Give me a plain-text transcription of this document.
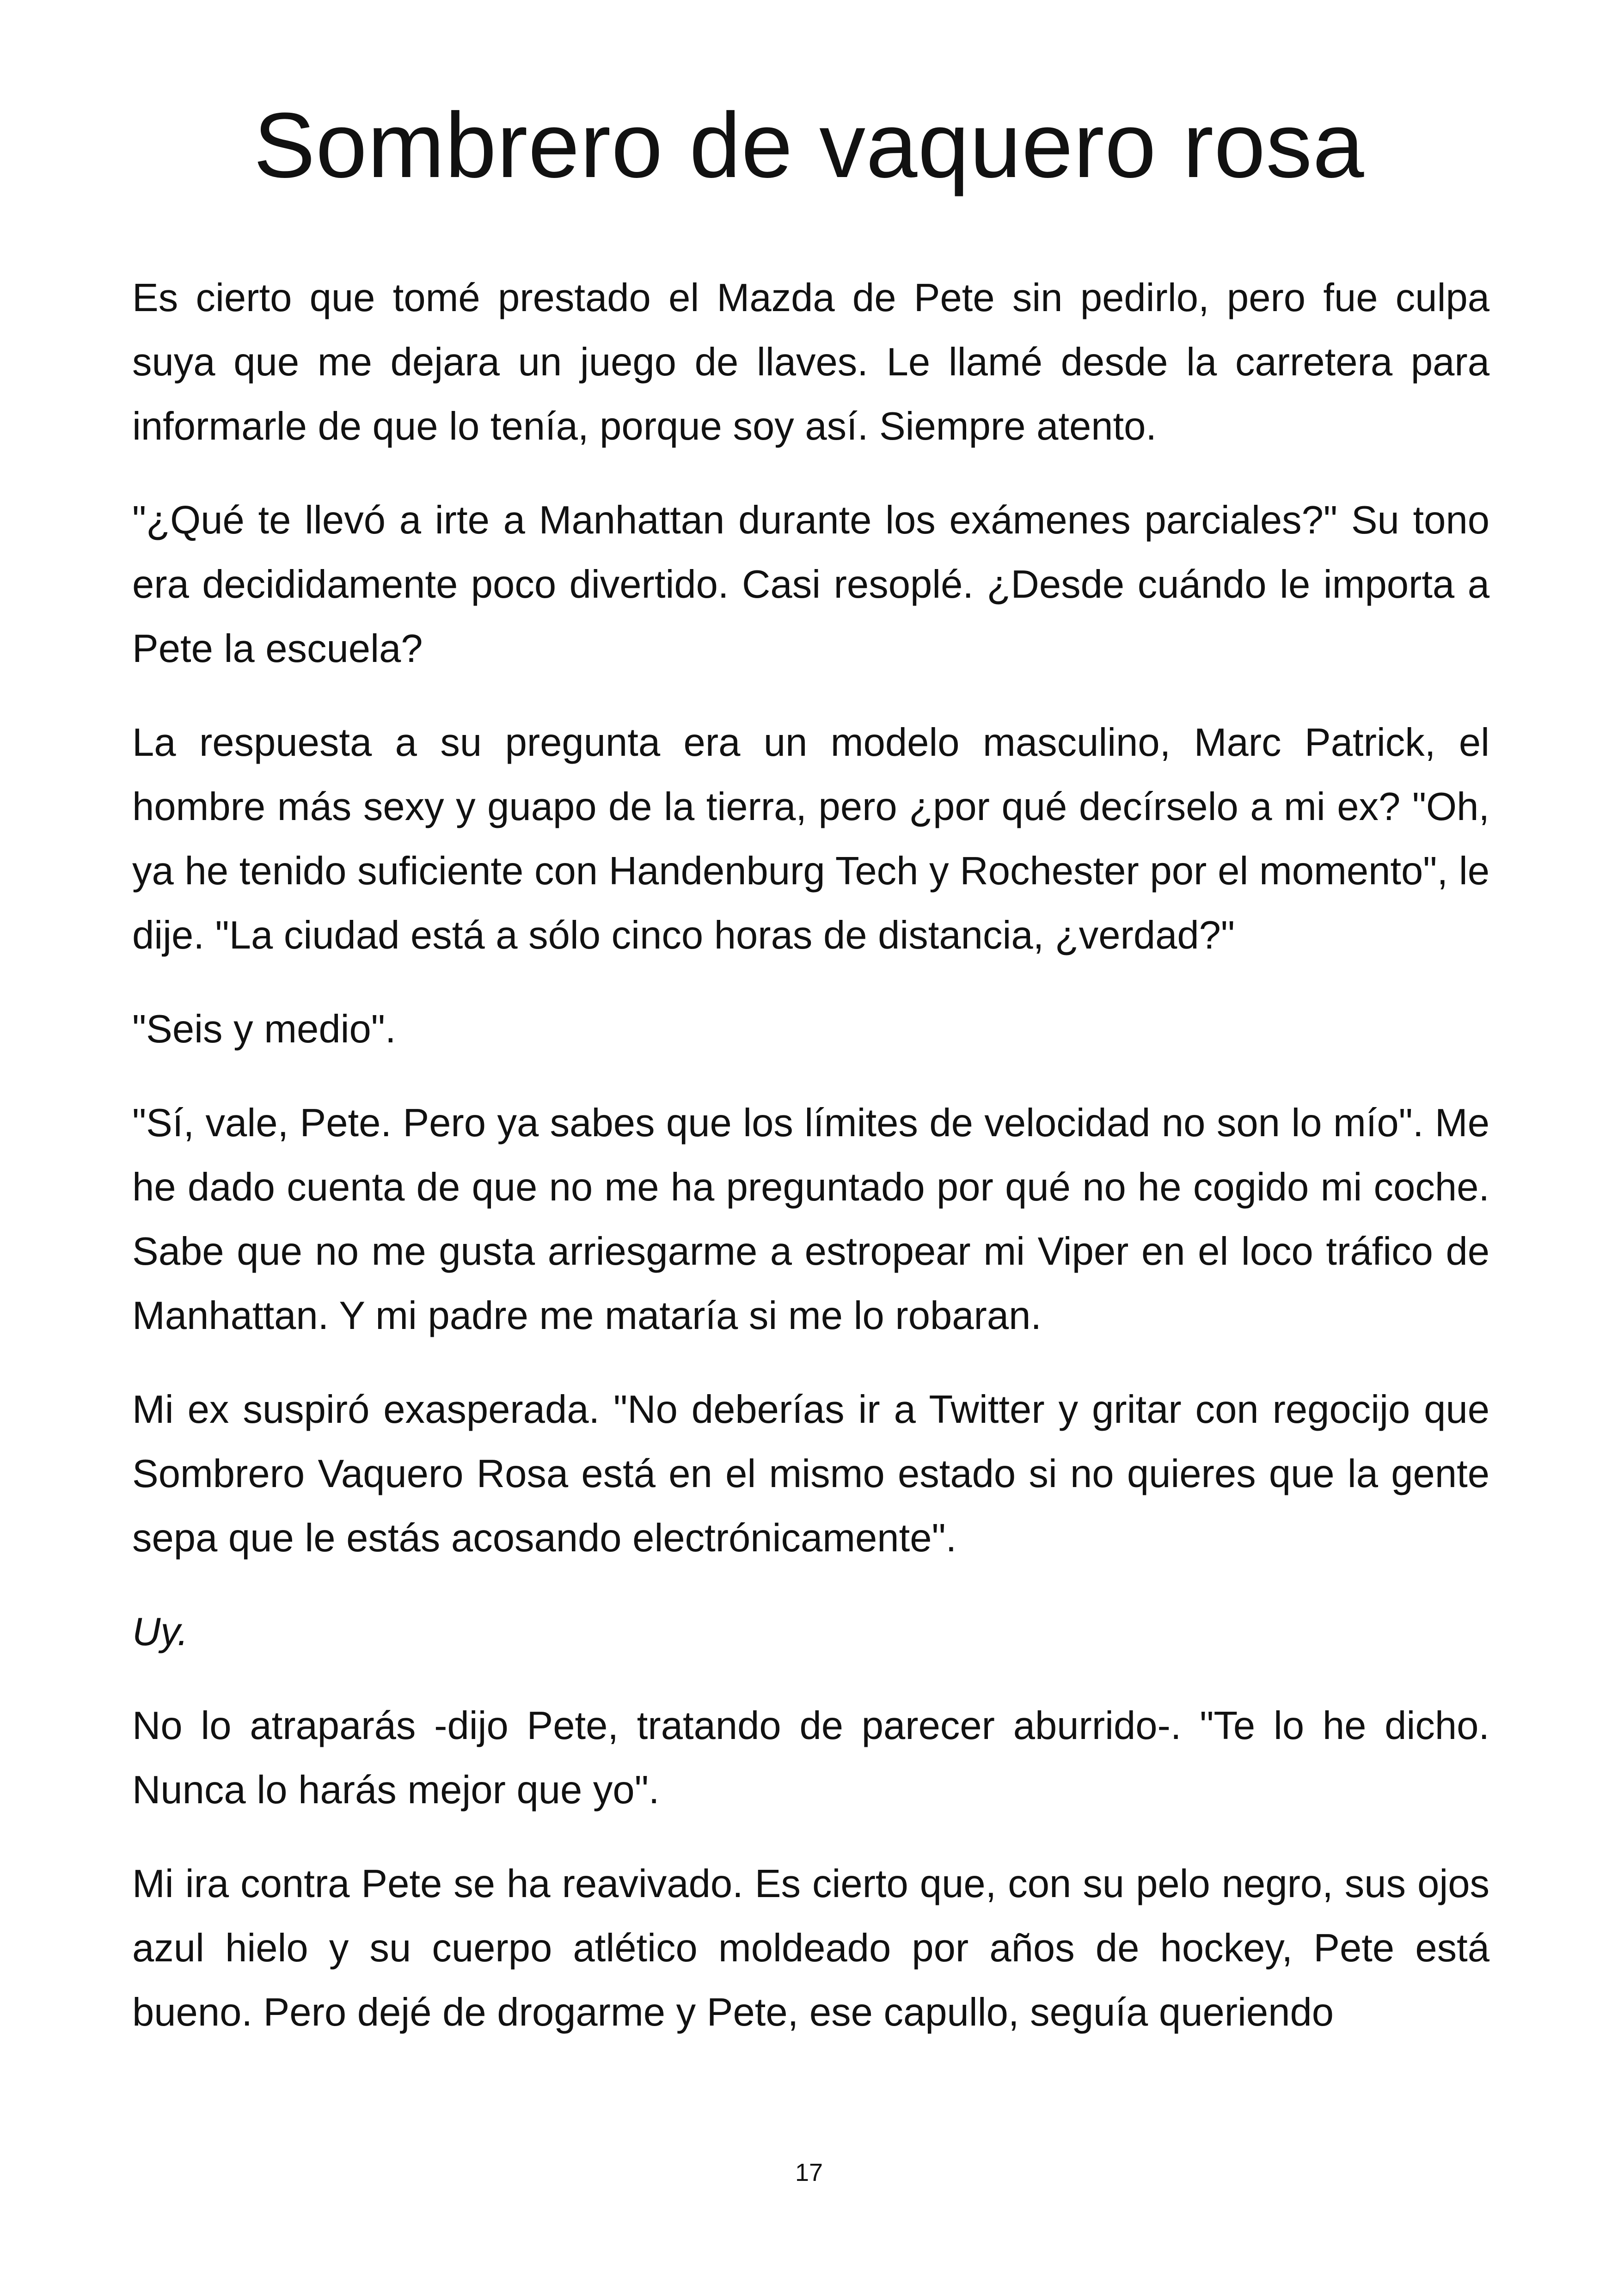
Sombrero de vaquero rosa

Es cierto que tomé prestado el Mazda de Pete sin pedirlo, pero fue culpa suya que me dejara un juego de llaves. Le llamé desde la carretera para informarle de que lo tenía, porque soy así. Siempre atento.

"¿Qué te llevó a irte a Manhattan durante los exámenes parciales?" Su tono era decididamente poco divertido. Casi resoplé. ¿Desde cuándo le importa a Pete la escuela?

La respuesta a su pregunta era un modelo masculino, Marc Patrick, el hombre más sexy y guapo de la tierra, pero ¿por qué decírselo a mi ex? "Oh, ya he tenido suficiente con Handenburg Tech y Rochester por el momento", le dije. "La ciudad está a sólo cinco horas de distancia, ¿verdad?"

"Seis y medio".

"Sí, vale, Pete. Pero ya sabes que los límites de velocidad no son lo mío". Me he dado cuenta de que no me ha preguntado por qué no he cogido mi coche. Sabe que no me gusta arriesgarme a estropear mi Viper en el loco tráfico de Manhattan. Y mi padre me mataría si me lo robaran.

Mi ex suspiró exasperada. "No deberías ir a Twitter y gritar con regocijo que Sombrero Vaquero Rosa está en el mismo estado si no quieres que la gente sepa que le estás acosando electrónicamente".

Uy.

No lo atraparás -dijo Pete, tratando de parecer aburrido-. "Te lo he dicho. Nunca lo harás mejor que yo".

Mi ira contra Pete se ha reavivado. Es cierto que, con su pelo negro, sus ojos azul hielo y su cuerpo atlético moldeado por años de hockey, Pete está bueno. Pero dejé de drogarme y Pete, ese capullo, seguía queriendo

17
